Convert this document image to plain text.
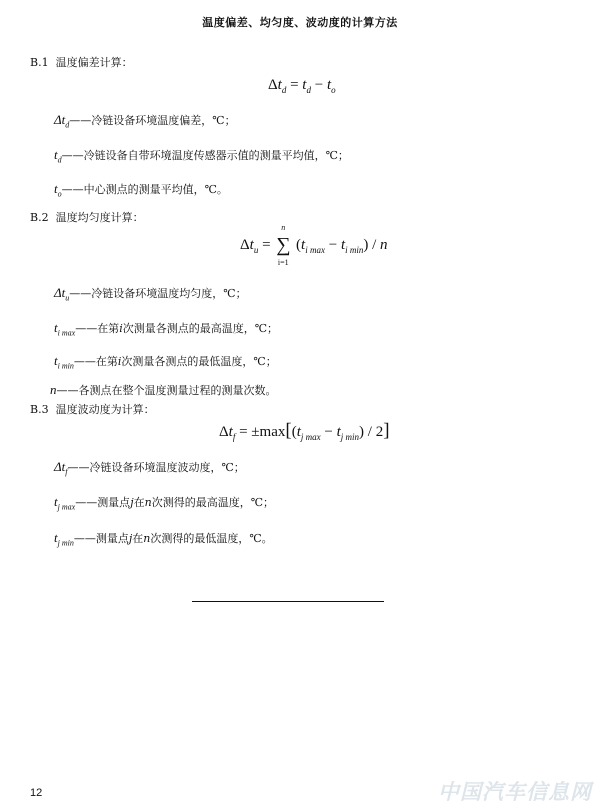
温度偏差、均匀度、波动度的计算方法
B.1 温度偏差计算：
$\Delta t_d = t_d - t_o$
$\Delta t_d——$冷链设备环境温度偏差，℃；
$t_d——$冷链设备自带环境温度传感器示值的测量平均值，℃；
$t_o——$中心测点的测量平均值，℃。
B.2 温度均匀度计算：
$\Delta t_u$ =
n
∑
i=1
$(t_{i max} - t_{i min}) / n$
$\Delta t_u——$冷链设备环境温度均匀度，℃；
$t_{i max}——$在第i次测量各测点的最高温度，℃；
$t_{i min}——$在第i次测量各测点的最低温度，℃；
n——各测点在整个温度测量过程的测量次数。
B.3 温度波动度为计算：
$\Delta t_f = \pm\max[(t_{j max} - t_{j min}) / 2]$
$\Delta t_f——$冷链设备环境温度波动度，℃；
$t_{j max}——$测量点j在n次测得的最高温度，℃；
$t_{j min}——$测量点j在n次测得的最低温度，℃。
12	中国汽车信息网
